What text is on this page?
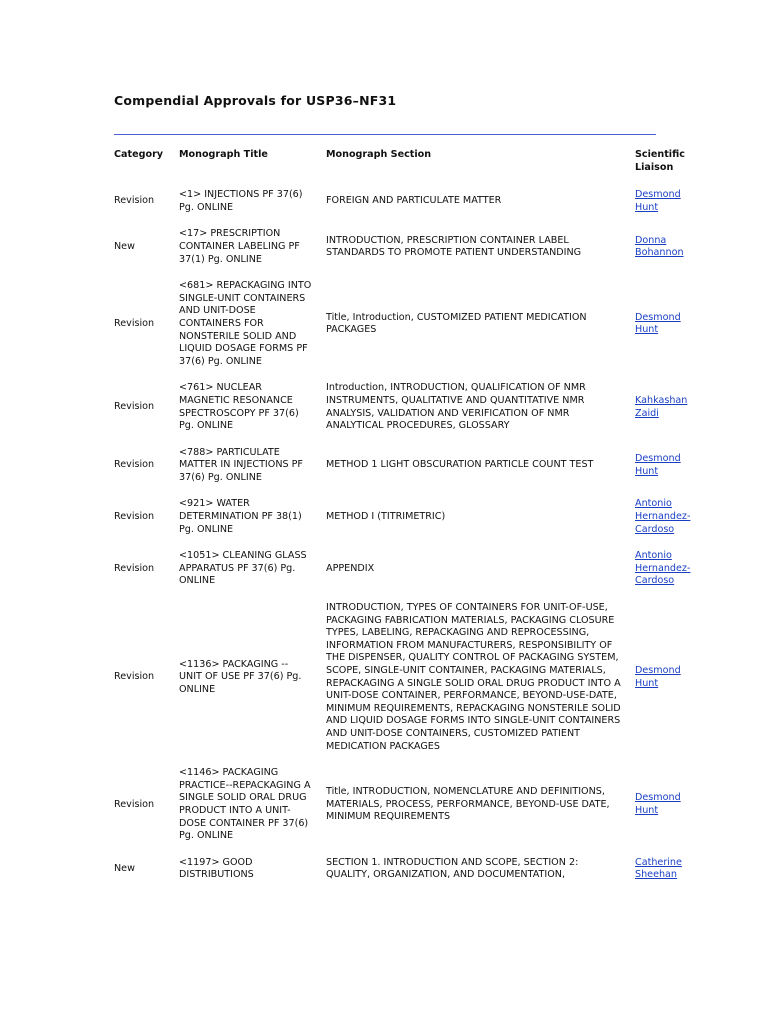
Compendial Approvals for USP36–NF31
Category	Monograph Title	Monograph Section	Scientific
Liaison
Revision	<1> INJECTIONS PF 37(6) Pg. ONLINE	FOREIGN AND PARTICULATE MATTER	Desmond Hunt
New	<17> PRESCRIPTION CONTAINER LABELING PF 37(1) Pg. ONLINE	INTRODUCTION, PRESCRIPTION CONTAINER LABEL STANDARDS TO PROMOTE PATIENT UNDERSTANDING	Donna Bohannon
Revision	<681> REPACKAGING INTO SINGLE-UNIT CONTAINERS AND UNIT-DOSE CONTAINERS FOR NONSTERILE SOLID AND LIQUID DOSAGE FORMS PF 37(6) Pg. ONLINE	Title, Introduction, CUSTOMIZED PATIENT MEDICATION PACKAGES	Desmond Hunt
Revision	<761> NUCLEAR MAGNETIC RESONANCE SPECTROSCOPY PF 37(6) Pg. ONLINE	Introduction, INTRODUCTION, QUALIFICATION OF NMR INSTRUMENTS, QUALITATIVE AND QUANTITATIVE NMR ANALYSIS, VALIDATION AND VERIFICATION OF NMR ANALYTICAL PROCEDURES, GLOSSARY	Kahkashan Zaidi
Revision	<788> PARTICULATE MATTER IN INJECTIONS PF 37(6) Pg. ONLINE	METHOD 1 LIGHT OBSCURATION PARTICLE COUNT TEST	Desmond Hunt
Revision	<921> WATER DETERMINATION PF 38(1) Pg. ONLINE	METHOD I (TITRIMETRIC)	Antonio Hernandez-Cardoso
Revision	<1051> CLEANING GLASS APPARATUS PF 37(6) Pg. ONLINE	APPENDIX	Antonio Hernandez-Cardoso
Revision	<1136> PACKAGING -- UNIT OF USE PF 37(6) Pg. ONLINE	INTRODUCTION, TYPES OF CONTAINERS FOR UNIT-OF-USE, PACKAGING FABRICATION MATERIALS, PACKAGING CLOSURE TYPES, LABELING, REPACKAGING AND REPROCESSING, INFORMATION FROM MANUFACTURERS, RESPONSIBILITY OF THE DISPENSER, QUALITY CONTROL OF PACKAGING SYSTEM, SCOPE, SINGLE-UNIT CONTAINER, PACKAGING MATERIALS, REPACKAGING A SINGLE SOLID ORAL DRUG PRODUCT INTO A UNIT-DOSE CONTAINER, PERFORMANCE, BEYOND-USE-DATE, MINIMUM REQUIREMENTS, REPACKAGING NONSTERILE SOLID AND LIQUID DOSAGE FORMS INTO SINGLE-UNIT CONTAINERS AND UNIT-DOSE CONTAINERS, CUSTOMIZED PATIENT MEDICATION PACKAGES	Desmond Hunt
Revision	<1146> PACKAGING PRACTICE--REPACKAGING A SINGLE SOLID ORAL DRUG PRODUCT INTO A UNIT-DOSE CONTAINER PF 37(6) Pg. ONLINE	Title, INTRODUCTION, NOMENCLATURE AND DEFINITIONS, MATERIALS, PROCESS, PERFORMANCE, BEYOND-USE DATE, MINIMUM REQUIREMENTS	Desmond Hunt
New	<1197> GOOD DISTRIBUTIONS	SECTION 1. INTRODUCTION AND SCOPE, SECTION 2: QUALITY, ORGANIZATION, AND DOCUMENTATION,	Catherine Sheehan
